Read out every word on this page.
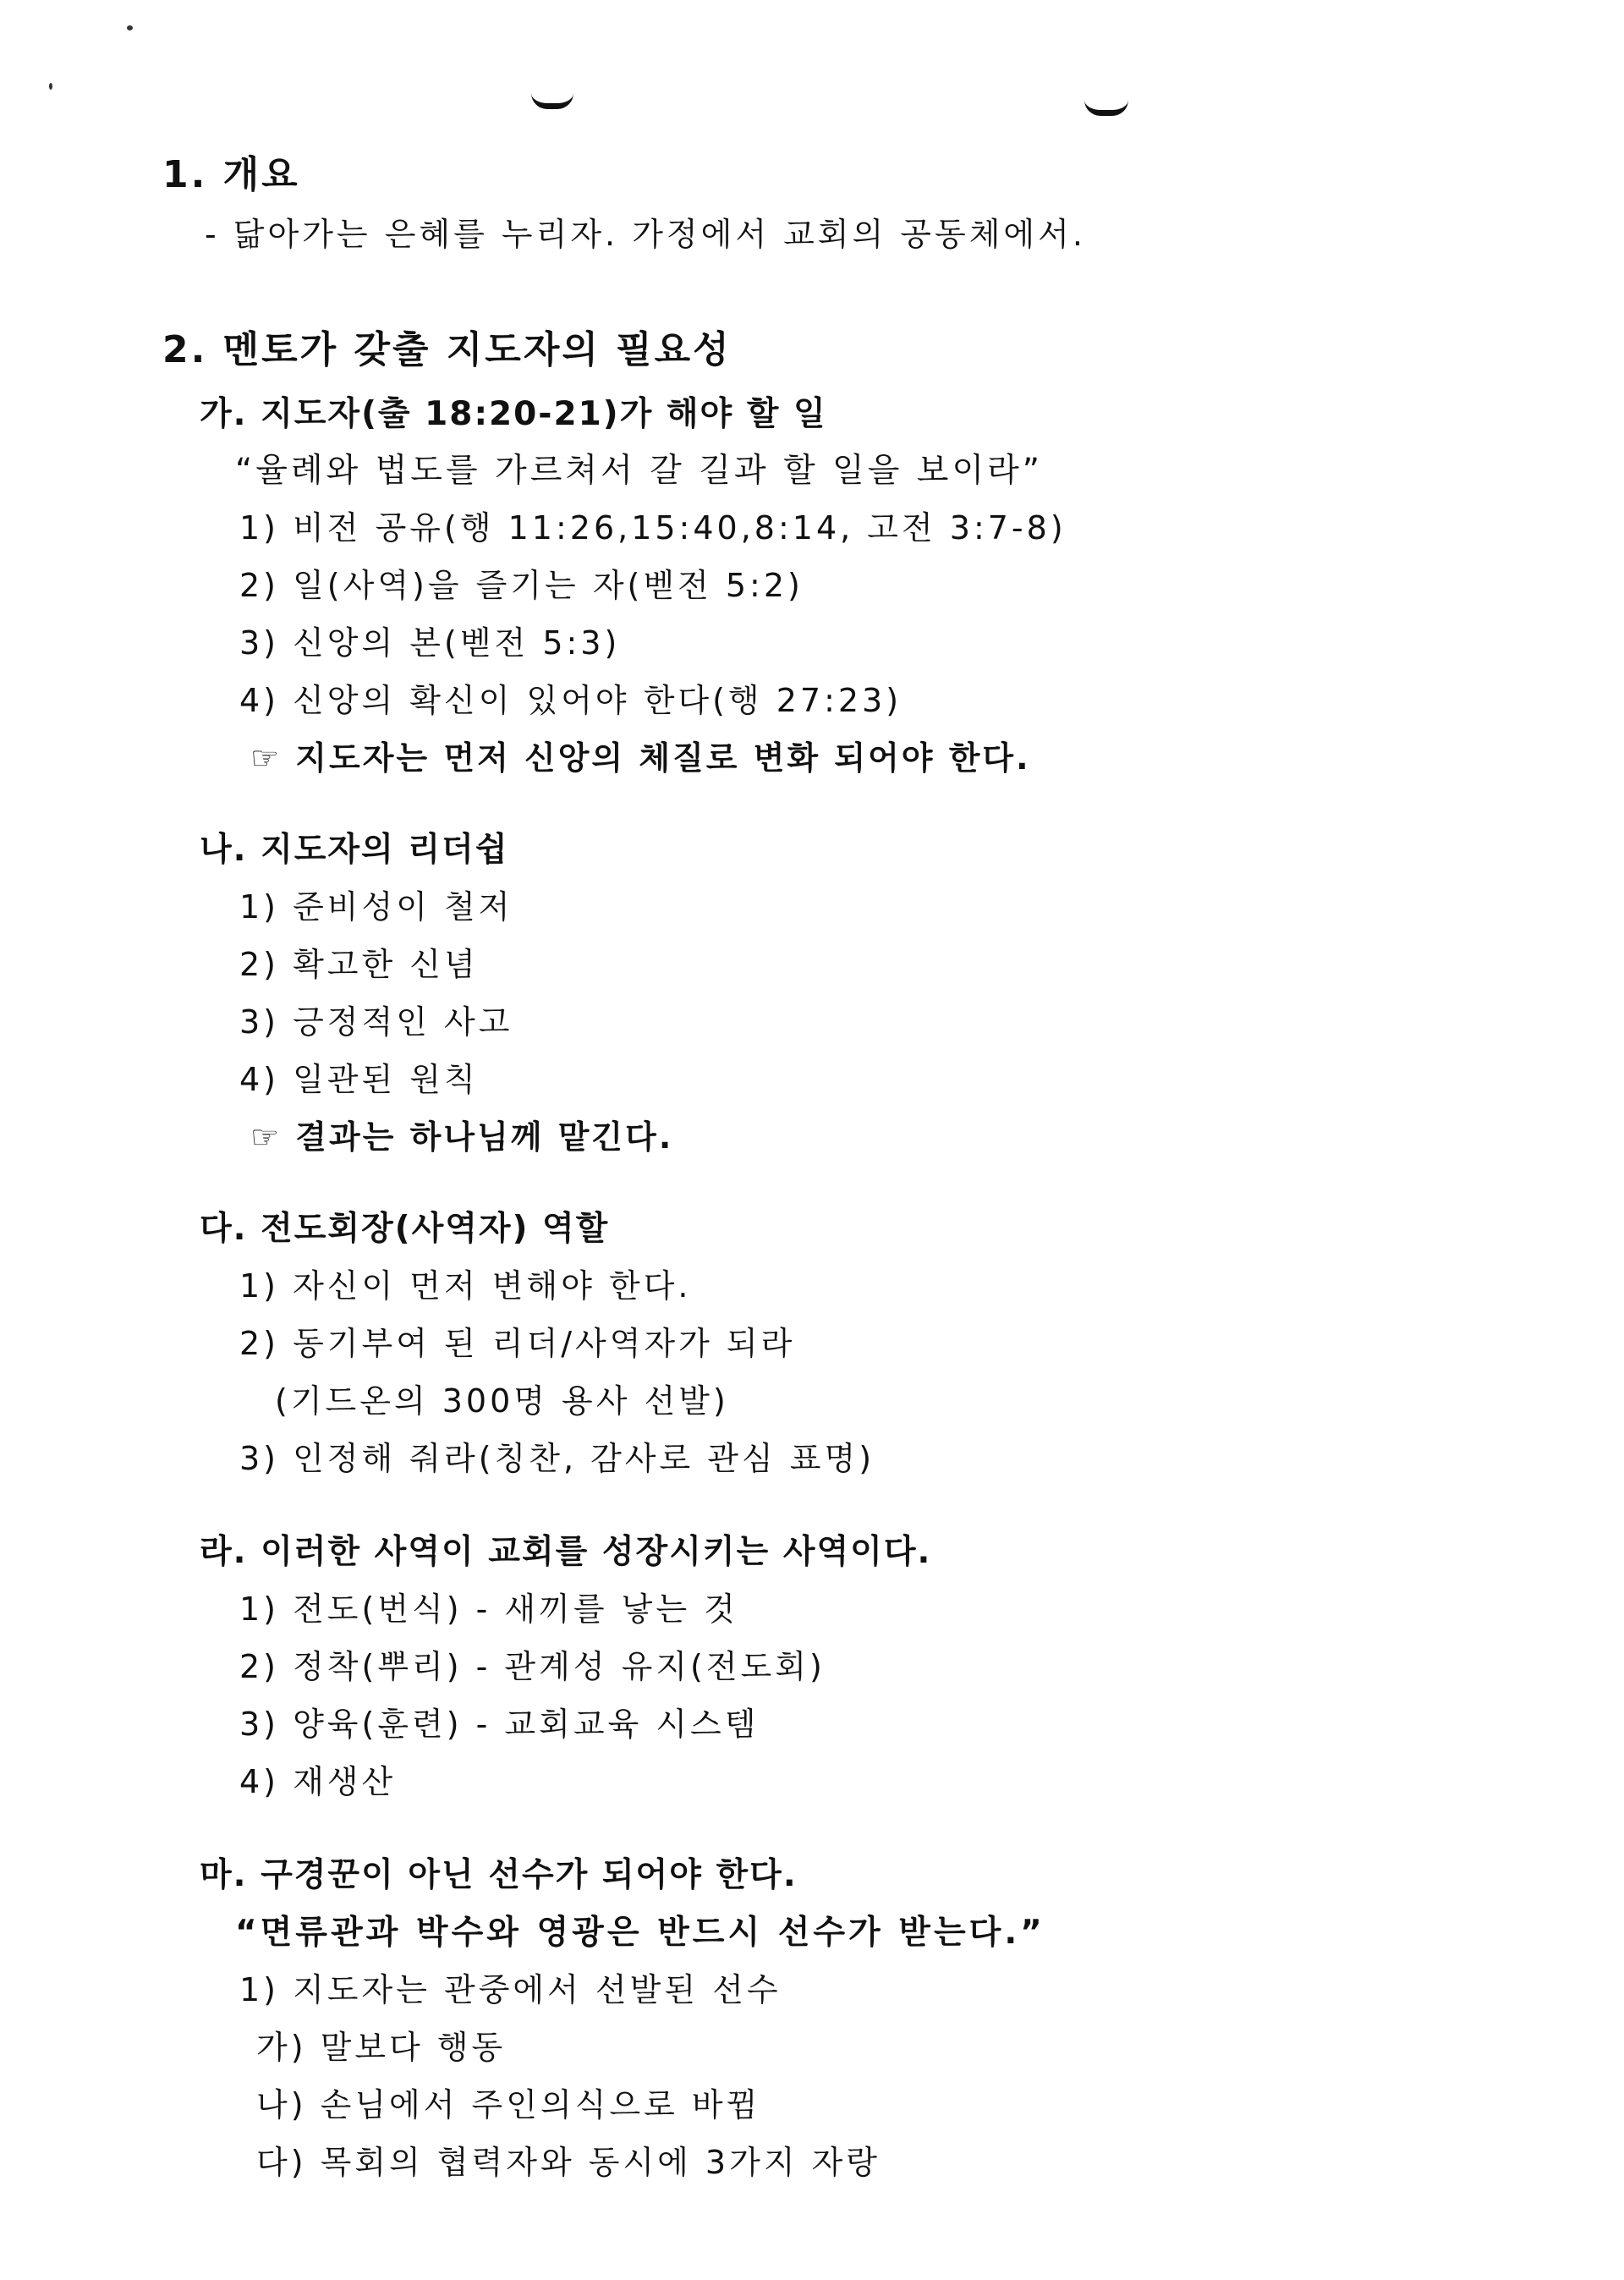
1. 개요
- 닮아가는 은혜를 누리자. 가정에서 교회의 공동체에서.
2. 멘토가 갖출 지도자의 필요성
가. 지도자(출 18:20-21)가 해야 할 일
“율례와 법도를 가르쳐서 갈 길과 할 일을 보이라”
1) 비전 공유(행 11:26,15:40,8:14, 고전 3:7-8)
2) 일(사역)을 즐기는 자(벧전 5:2)
3) 신앙의 본(벧전 5:3)
4) 신앙의 확신이 있어야 한다(행 27:23)
☞ 지도자는 먼저 신앙의 체질로 변화 되어야 한다.
나. 지도자의 리더쉽
1) 준비성이 철저
2) 확고한 신념
3) 긍정적인 사고
4) 일관된 원칙
☞ 결과는 하나님께 맡긴다.
다. 전도회장(사역자) 역할
1) 자신이 먼저 변해야 한다.
2) 동기부여 된 리더/사역자가 되라
(기드온의 300명 용사 선발)
3) 인정해 줘라(칭찬, 감사로 관심 표명)
라. 이러한 사역이 교회를 성장시키는 사역이다.
1) 전도(번식) - 새끼를 낳는 것
2) 정착(뿌리) - 관계성 유지(전도회)
3) 양육(훈련) - 교회교육 시스템
4) 재생산
마. 구경꾼이 아닌 선수가 되어야 한다.
“면류관과 박수와 영광은 반드시 선수가 받는다.”
1) 지도자는 관중에서 선발된 선수
가) 말보다 행동
나) 손님에서 주인의식으로 바뀜
다) 목회의 협력자와 동시에 3가지 자랑
